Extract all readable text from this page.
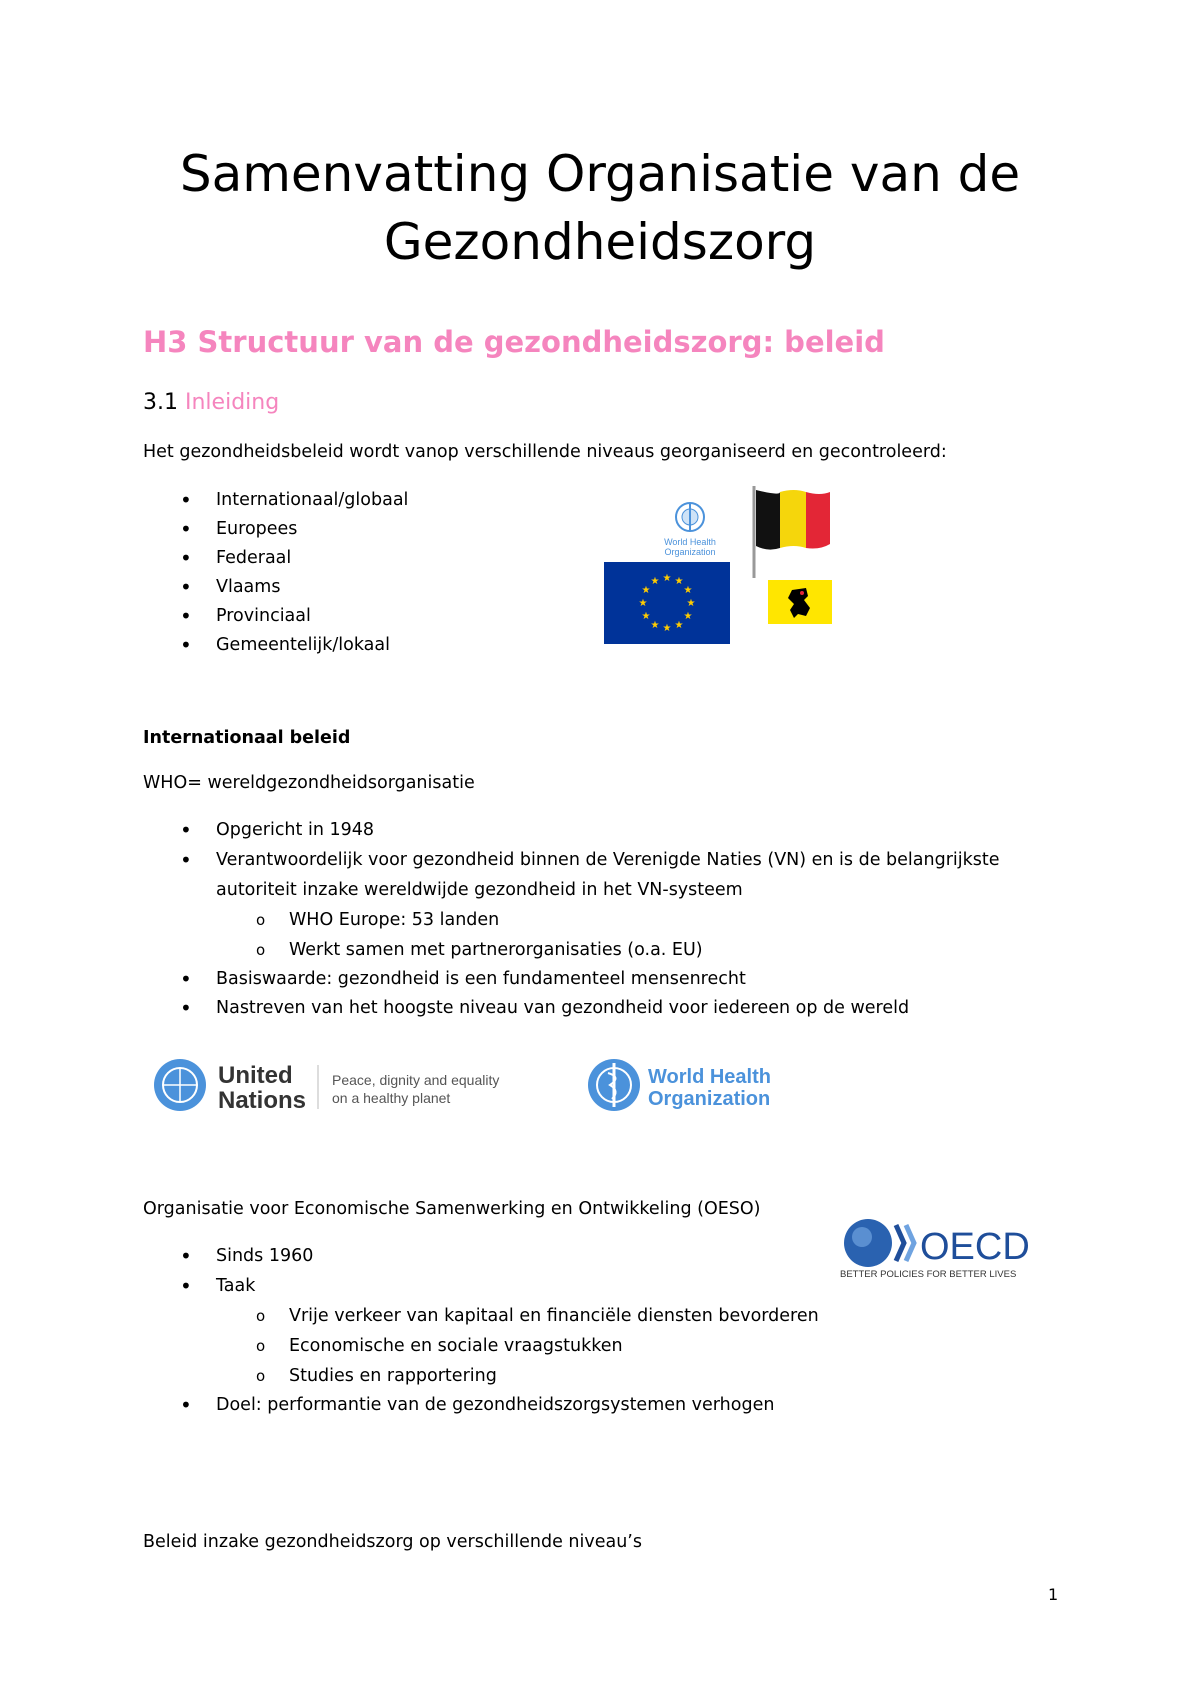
Samenvatting Organisatie van de Gezondheidszorg
H3 Structuur van de gezondheidszorg: beleid
3.1 Inleiding
Het gezondheidsbeleid wordt vanop verschillende niveaus georganiseerd en gecontroleerd:
• Internationaal/globaal
• Europees
• Federaal
• Vlaams
• Provinciaal
• Gemeentelijk/lokaal
World Health
Organization
★ ★
★
★
★
★
★
★
★
★
★
★
Internationaal beleid
WHO= wereldgezondheidsorganisatie
• Opgericht in 1948
• Verantwoordelijk voor gezondheid binnen de Verenigde Naties (VN) en is de belangrijkste autoriteit inzake wereldwijde gezondheid in het VN-systeem
o WHO Europe: 53 landen
o Werkt samen met partnerorganisaties (o.a. EU)
• Basiswaarde: gezondheid is een fundamenteel mensenrecht
• Nastreven van het hoogste niveau van gezondheid voor iedereen op de wereld
United
Nations
Peace, dignity and equality
on a healthy planet
World Health
Organization
Organisatie voor Economische Samenwerking en Ontwikkeling (OESO)
OECD
BETTER POLICIES FOR BETTER LIVES
• Sinds 1960
• Taak
o Vrije verkeer van kapitaal en financiële diensten bevorderen
o Economische en sociale vraagstukken
o Studies en rapportering
• Doel: performantie van de gezondheidszorgsystemen verhogen
Beleid inzake gezondheidszorg op verschillende niveau’s
1
